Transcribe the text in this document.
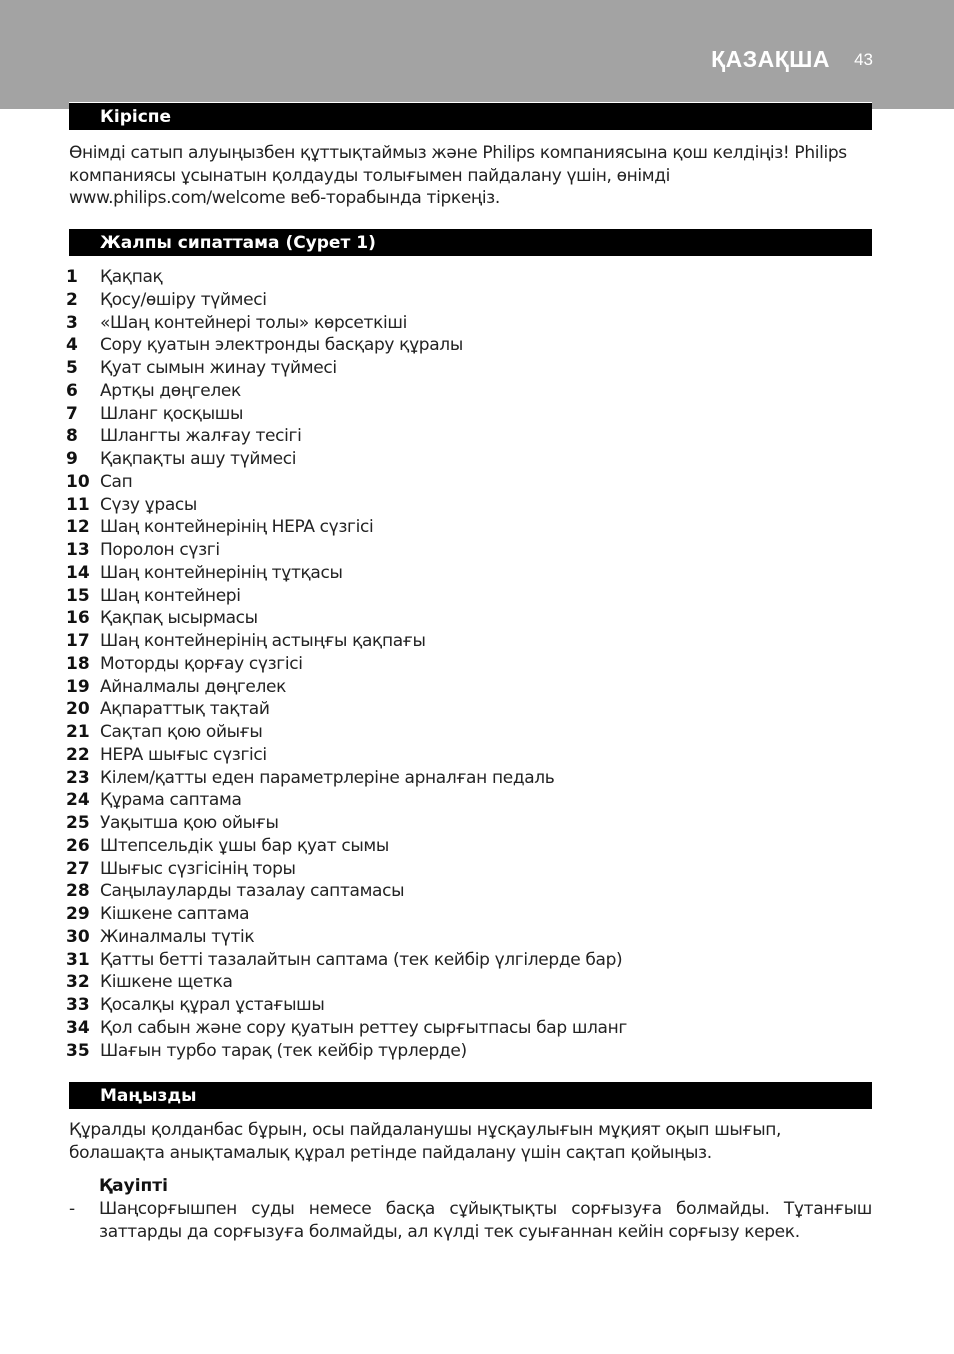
ҚАЗАҚША 43
Кіріспе
Өнімді сатып алуыңызбен құттықтаймыз және Philips компаниясына қош келдіңіз! Philips компаниясы ұсынатын қолдауды толығымен пайдалану үшін, өнімді www.philips.com/welcome веб-торабында тіркеңіз.
Жалпы сипаттама (Сурет 1)
1 Қақпақ
2 Қосу/өшіру түймесі
3 «Шаң контейнері толы» көрсеткіші
4 Сору қуатын электронды басқару құралы
5 Қуат сымын жинау түймесі
6 Артқы дөңгелек
7 Шланг қосқышы
8 Шлангты жалғау тесігі
9 Қақпақты ашу түймесі
10 Сап
11 Сүзу ұрасы
12 Шаң контейнерінің HEPA сүзгісі
13 Поролон сүзгі
14 Шаң контейнерінің тұтқасы
15 Шаң контейнері
16 Қақпақ ысырмасы
17 Шаң контейнерінің астыңғы қақпағы
18 Моторды қорғау сүзгісі
19 Айналмалы дөңгелек
20 Ақпараттық тақтай
21 Сақтап қою ойығы
22 HEPA шығыс сүзгісі
23 Кілем/қатты еден параметрлеріне арналған педаль
24 Құрама саптама
25 Уақытша қою ойығы
26 Штепсельдік ұшы бар қуат сымы
27 Шығыс сүзгісінің торы
28 Саңылауларды тазалау саптамасы
29 Кішкене саптама
30 Жиналмалы түтік
31 Қатты бетті тазалайтын саптама (тек кейбір үлгілерде бар)
32 Кішкене щетка
33 Қосалқы құрал ұстағышы
34 Қол сабын және сору қуатын реттеу сырғытпасы бар шланг
35 Шағын турбо тарақ (тек кейбір түрлерде)
Маңызды
Құралды қолданбас бұрын, осы пайдаланушы нұсқаулығын мұқият оқып шығып, болашақта анықтамалық құрал ретінде пайдалану үшін сақтап қойыңыз.
Қауіпті
- Шаңсорғышпен суды немесе басқа сұйықтықты сорғызуға болмайды. Тұтанғыш заттарды да сорғызуға болмайды, ал күлді тек суығаннан кейін сорғызу керек.
